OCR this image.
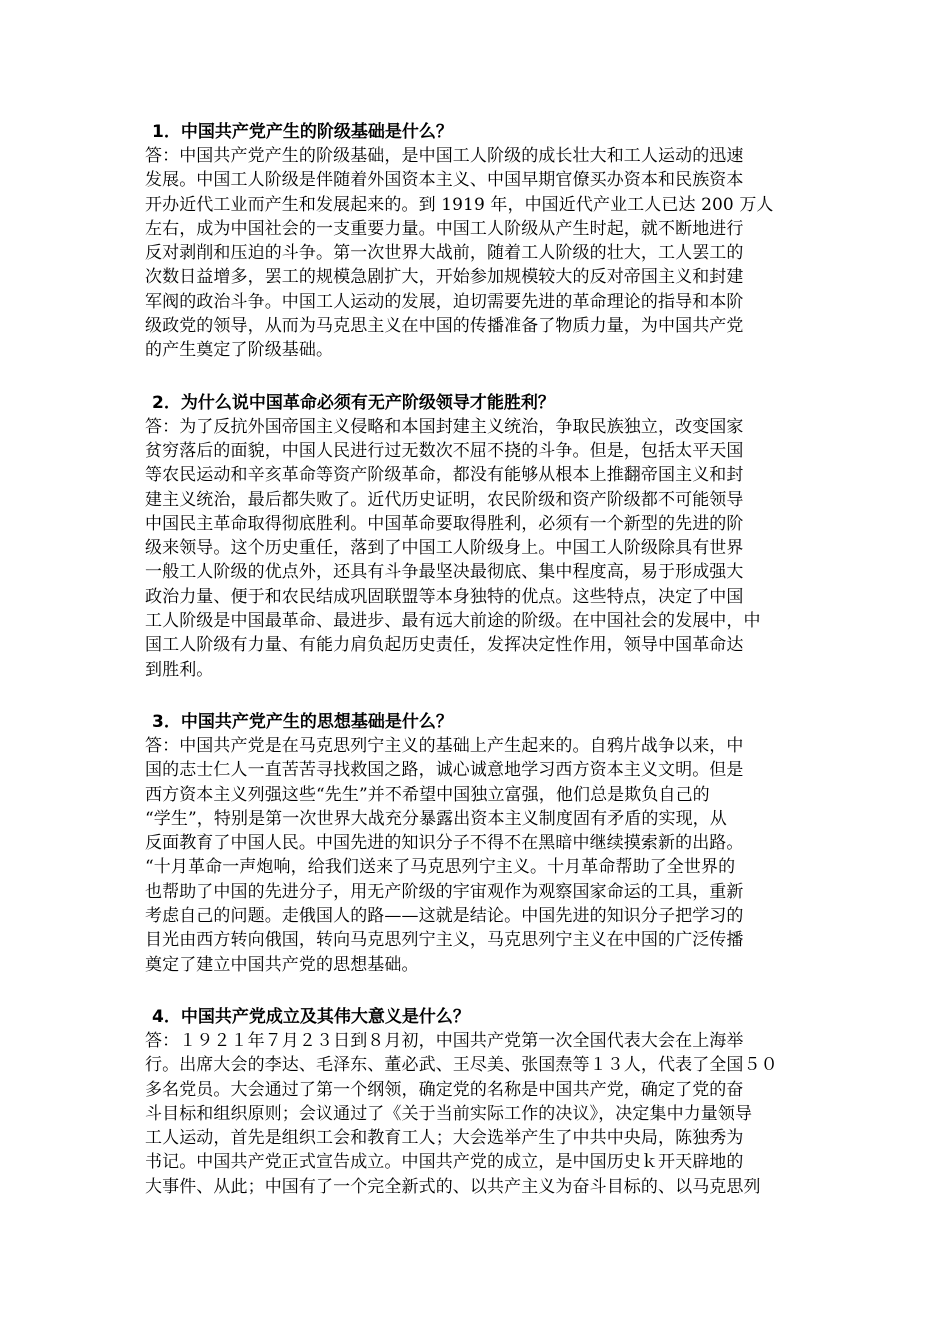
1．中国共产党产生的阶级基础是什么？
答：中国共产党产生的阶级基础，是中国工人阶级的成长壮大和工人运动的迅速
发展。中国工人阶级是伴随着外国资本主义、中国早期官僚买办资本和民族资本
开办近代工业而产生和发展起来的。到 1919 年，中国近代产业工人已达 200 万人
左右，成为中国社会的一支重要力量。中国工人阶级从产生时起，就不断地进行
反对剥削和压迫的斗争。第一次世界大战前，随着工人阶级的壮大，工人罢工的
次数日益增多，罢工的规模急剧扩大，开始参加规模较大的反对帝国主义和封建
军阀的政治斗争。中国工人运动的发展，迫切需要先进的革命理论的指导和本阶
级政党的领导，从而为马克思主义在中国的传播准备了物质力量，为中国共产党
的产生奠定了阶级基础。
2．为什么说中国革命必须有无产阶级领导才能胜利？
答：为了反抗外国帝国主义侵略和本国封建主义统治，争取民族独立，改变国家
贫穷落后的面貌，中国人民进行过无数次不屈不挠的斗争。但是，包括太平天国
等农民运动和辛亥革命等资产阶级革命，都没有能够从根本上推翻帝国主义和封
建主义统治，最后都失败了。近代历史证明，农民阶级和资产阶级都不可能领导
中国民主革命取得彻底胜利。中国革命要取得胜利，必须有一个新型的先进的阶
级来领导。这个历史重任，落到了中国工人阶级身上。中国工人阶级除具有世界
一般工人阶级的优点外，还具有斗争最坚决最彻底、集中程度高，易于形成强大
政治力量、便于和农民结成巩固联盟等本身独特的优点。这些特点，决定了中国
工人阶级是中国最革命、最进步、最有远大前途的阶级。在中国社会的发展中，中
国工人阶级有力量、有能力肩负起历史责任，发挥决定性作用，领导中国革命达
到胜利。
3．中国共产党产生的思想基础是什么？
答：中国共产党是在马克思列宁主义的基础上产生起来的。自鸦片战争以来，中
国的志士仁人一直苦苦寻找救国之路，诚心诚意地学习西方资本主义文明。但是
西方资本主义列强这些“先生”并不希望中国独立富强，他们总是欺负自己的
“学生”，特别是第一次世界大战充分暴露出资本主义制度固有矛盾的实现，从
反面教育了中国人民。中国先进的知识分子不得不在黑暗中继续摸索新的出路。
“十月革命一声炮响，给我们送来了马克思列宁主义。十月革命帮助了全世界的
也帮助了中国的先进分子，用无产阶级的宇宙观作为观察国家命运的工具，重新
考虑自己的问题。走俄国人的路——这就是结论。中国先进的知识分子把学习的
目光由西方转向俄国，转向马克思列宁主义，马克思列宁主义在中国的广泛传播
奠定了建立中国共产党的思想基础。
4．中国共产党成立及其伟大意义是什么？
答：１９２１年７月２３日到８月初，中国共产党第一次全国代表大会在上海举
行。出席大会的李达、毛泽东、董必武、王尽美、张国焘等１３人，代表了全国５０
多名党员。大会通过了第一个纲领，确定党的名称是中国共产党，确定了党的奋
斗目标和组织原则；会议通过了《关于当前实际工作的决议》，决定集中力量领导
工人运动，首先是组织工会和教育工人；大会选举产生了中共中央局，陈独秀为
书记。中国共产党正式宣告成立。中国共产党的成立，是中国历史ｋ开天辟地的
大事件、从此；中国有了一个完全新式的、以共产主义为奋斗目标的、以马克思列
